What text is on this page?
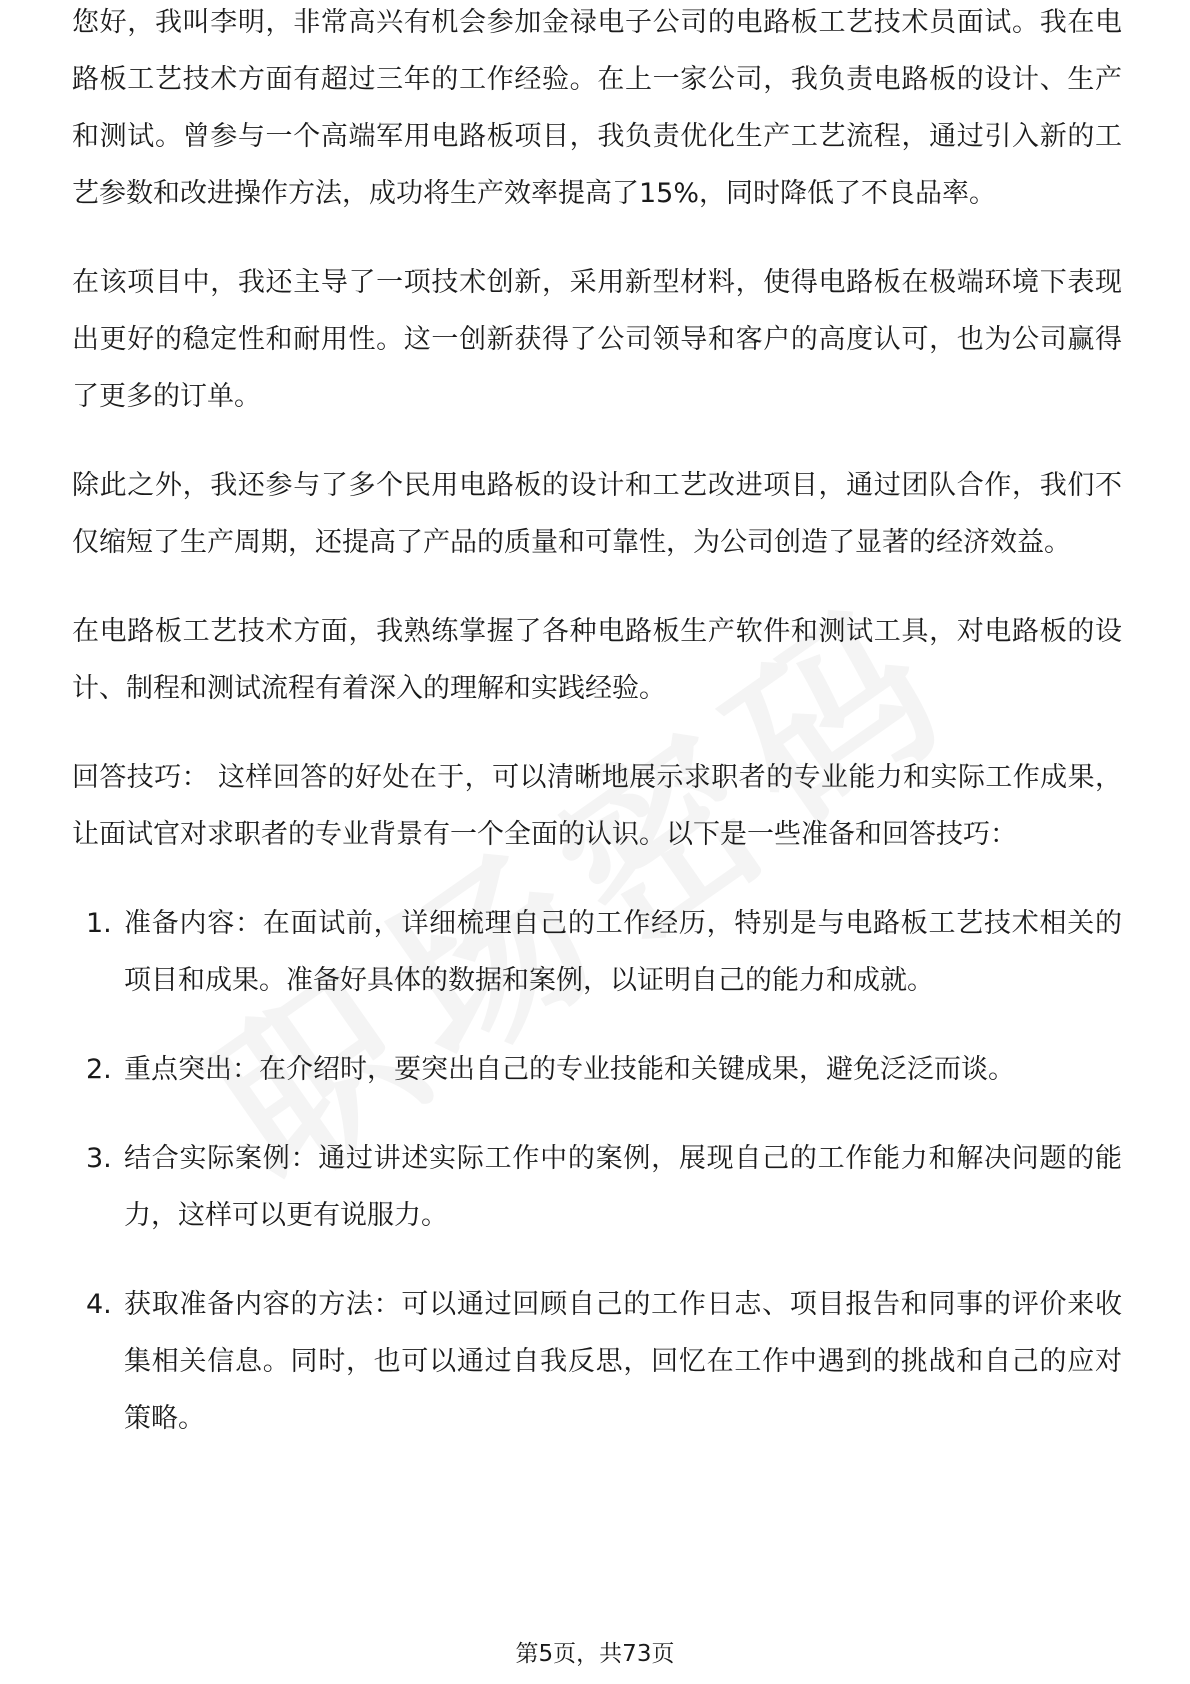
您好，我叫李明，非常高兴有机会参加金禄电子公司的电路板工艺技术员面试。我在电路板工艺技术方面有超过三年的工作经验。在上一家公司，我负责电路板的设计、生产和测试。曾参与一个高端军用电路板项目，我负责优化生产工艺流程，通过引入新的工艺参数和改进操作方法，成功将生产效率提高了15%，同时降低了不良品率。

在该项目中，我还主导了一项技术创新，采用新型材料，使得电路板在极端环境下表现出更好的稳定性和耐用性。这一创新获得了公司领导和客户的高度认可，也为公司赢得了更多的订单。

除此之外，我还参与了多个民用电路板的设计和工艺改进项目，通过团队合作，我们不仅缩短了生产周期，还提高了产品的质量和可靠性，为公司创造了显著的经济效益。

在电路板工艺技术方面，我熟练掌握了各种电路板生产软件和测试工具，对电路板的设计、制程和测试流程有着深入的理解和实践经验。

回答技巧： 这样回答的好处在于，可以清晰地展示求职者的专业能力和实际工作成果，让面试官对求职者的专业背景有一个全面的认识。以下是一些准备和回答技巧：

1. 准备内容：在面试前，详细梳理自己的工作经历，特别是与电路板工艺技术相关的项目和成果。准备好具体的数据和案例，以证明自己的能力和成就。
2. 重点突出：在介绍时，要突出自己的专业技能和关键成果，避免泛泛而谈。
3. 结合实际案例：通过讲述实际工作中的案例，展现自己的工作能力和解决问题的能力，这样可以更有说服力。
4. 获取准备内容的方法：可以通过回顾自己的工作日志、项目报告和同事的评价来收集相关信息。同时，也可以通过自我反思，回忆在工作中遇到的挑战和自己的应对策略。
第5页，共73页
